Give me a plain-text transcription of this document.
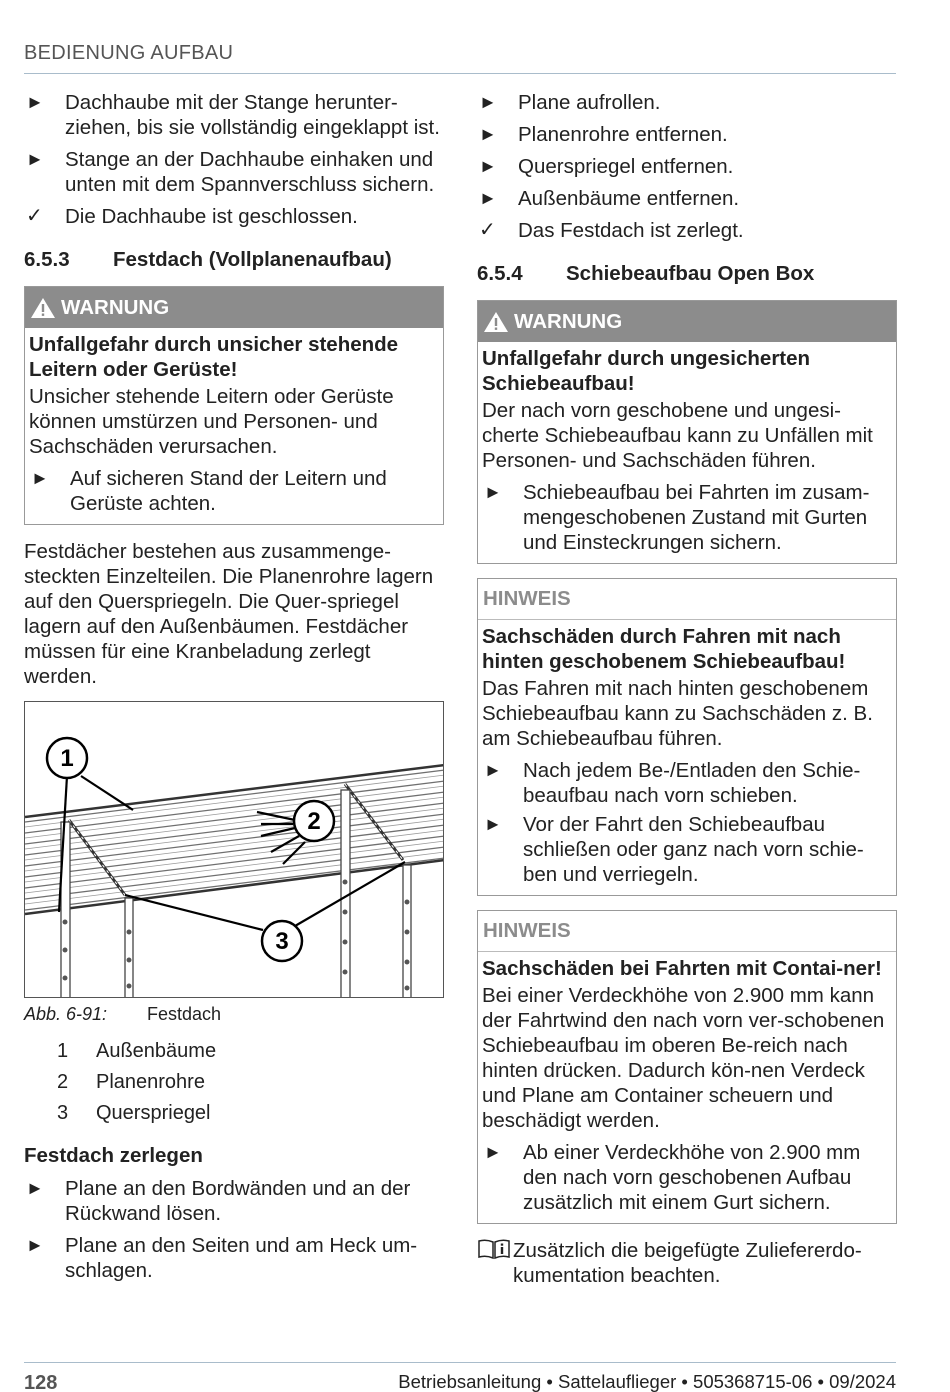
BEDIENUNG AUFBAU
►	Dachhaube mit der Stange herunter-ziehen, bis sie vollständig eingeklappt ist.
►	Stange an der Dachhaube einhaken und unten mit dem Spannverschluss sichern.
✓	Die Dachhaube ist geschlossen.
6.5.3	Festdach (Vollplanenaufbau)
WARNUNG
Unfallgefahr durch unsicher stehende Leitern oder Gerüste!

Unsicher stehende Leitern oder Gerüste können umstürzen und Personen- und Sachschäden verursachen.

►	Auf sicheren Stand der Leitern und Gerüste achten.
Festdächer bestehen aus zusammenge-steckten Einzelteilen. Die Planenrohre lagern auf den Querspriegeln. Die Quer-spriegel lagern auf den Außenbäumen. Festdächer müssen für eine Kranbeladung zerlegt werden.
1
2
3
Abb. 6-91:	Festdach
1	Außenbäume
2	Planenrohre
3	Querspriegel
Festdach zerlegen
►	Plane an den Bordwänden und an der Rückwand lösen.
►	Plane an den Seiten und am Heck um-schlagen.
►	Plane aufrollen.
►	Planenrohre entfernen.
►	Querspriegel entfernen.
►	Außenbäume entfernen.
✓	Das Festdach ist zerlegt.
6.5.4	Schiebeaufbau Open Box
WARNUNG
Unfallgefahr durch ungesicherten Schiebeaufbau!

Der nach vorn geschobene und ungesi-cherte Schiebeaufbau kann zu Unfällen mit Personen- und Sachschäden führen.

►	Schiebeaufbau bei Fahrten im zusam-mengeschobenen Zustand mit Gurten und Einsteckrungen sichern.
HINWEIS
Sachschäden durch Fahren mit nach hinten geschobenem Schiebeaufbau!

Das Fahren mit nach hinten geschobenem Schiebeaufbau kann zu Sachschäden z. B. am Schiebeaufbau führen.

►	Nach jedem Be-/Entladen den Schie-beaufbau nach vorn schieben.
►	Vor der Fahrt den Schiebeaufbau schließen oder ganz nach vorn schie-ben und verriegeln.
HINWEIS
Sachschäden bei Fahrten mit Contai-ner!

Bei einer Verdeckhöhe von 2.900 mm kann der Fahrtwind den nach vorn ver-schobenen Schiebeaufbau im oberen Be-reich nach hinten drücken. Dadurch kön-nen Verdeck und Plane am Container scheuern und beschädigt werden.

►	Ab einer Verdeckhöhe von 2.900 mm den nach vorn geschobenen Aufbau zusätzlich mit einem Gurt sichern.
Zusätzlich die beigefügte Zuliefererdo-kumentation beachten.
128	Betriebsanleitung • Sattelauflieger • 505368715-06 • 09/2024
